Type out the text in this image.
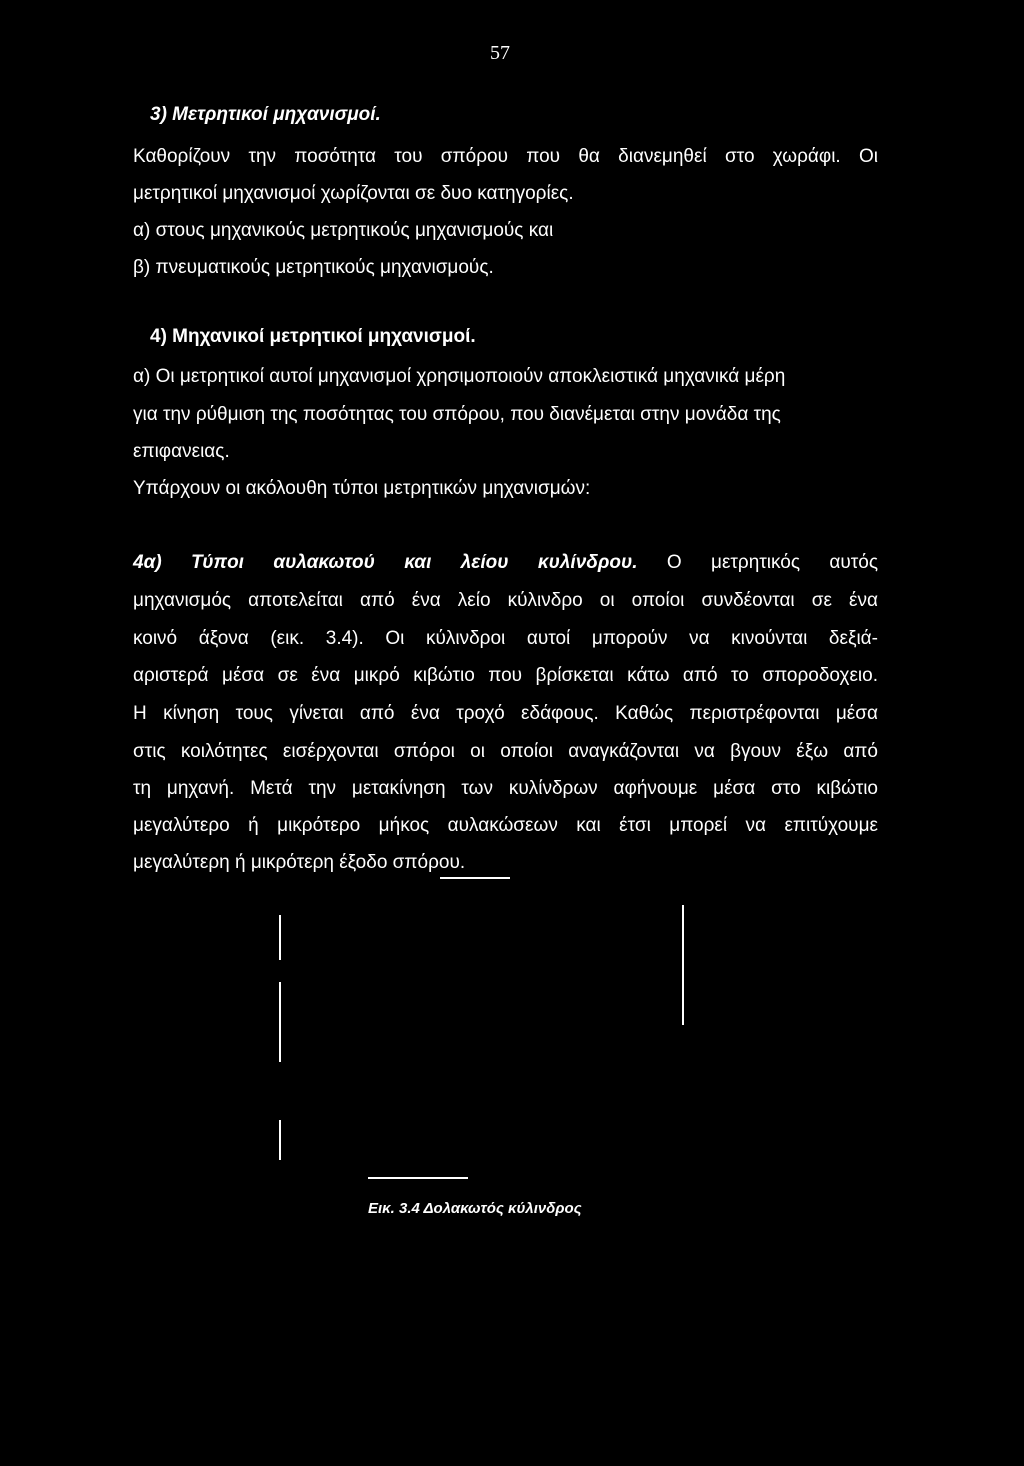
57
3) Μετρητικοί μηχανισμοί.
Καθορίζουν την ποσότητα του σπόρου που θα διανεμηθεί στο χωράφι. Οι
μετρητικοί μηχανισμοί χωρίζονται σε δυο κατηγορίες.
α) στους μηχανικούς μετρητικούς μηχανισμούς και
β) πνευματικούς μετρητικούς μηχανισμούς.
4) Μηχανικοί μετρητικοί μηχανισμοί.
α) Οι μετρητικοί αυτοί μηχανισμοί χρησιμοποιούν αποκλειστικά μηχανικά μέρη
για την ρύθμιση της ποσότητας του σπόρου, που διανέμεται στην μονάδα της
επιφανειας.
Υπάρχουν οι ακόλουθη τύποι μετρητικών μηχανισμών:
4α) Τύποι αυλακωτού και λείου κυλίνδρου. Ο μετρητικός αυτός
μηχανισμός αποτελείται από ένα λείο κύλινδρο οι οποίοι συνδέονται σε ένα
κοινό άξονα (εικ. 3.4). Οι κύλινδροι αυτοί μπορούν να κινούνται δεξιά-
αριστερά μέσα σε ένα μικρό κιβώτιο που βρίσκεται κάτω από το σποροδοχειο.
Η κίνηση τους γίνεται από ένα τροχό εδάφους. Καθώς περιστρέφονται μέσα
στις κοιλότητες εισέρχονται σπόροι οι οποίοι αναγκάζονται να βγουν έξω από
τη μηχανή. Μετά την μετακίνηση των κυλίνδρων αφήνουμε μέσα στο κιβώτιο
μεγαλύτερο ή μικρότερο μήκος αυλακώσεων και έτσι μπορεί να επιτύχουμε
μεγαλύτερη ή μικρότερη έξοδο σπόρου.
Εικ. 3.4 Δολακωτός κύλινδρος
